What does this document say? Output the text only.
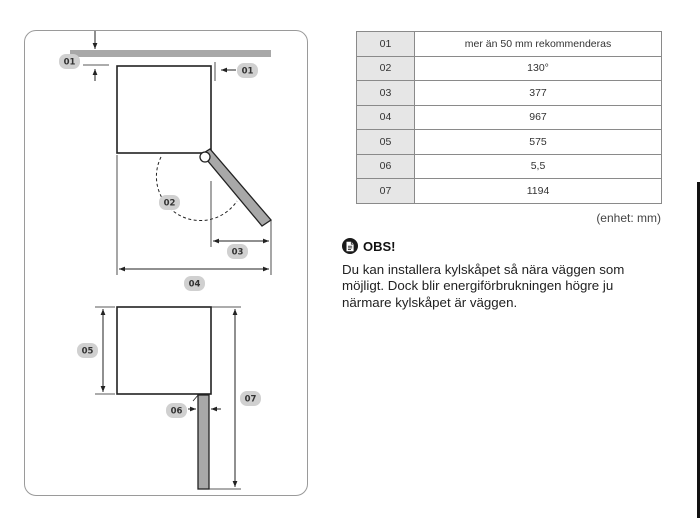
01
01
02
03
04
05
06
07
01	mer än 50 mm rekommenderas
02	130°
03	377
04	967
05	575
06	5,5
07	1194
(enhet: mm)
OBS!
Du kan installera kylskåpet så nära väggen som möjligt. Dock blir energiförbrukningen högre ju närmare kylskåpet är väggen.
